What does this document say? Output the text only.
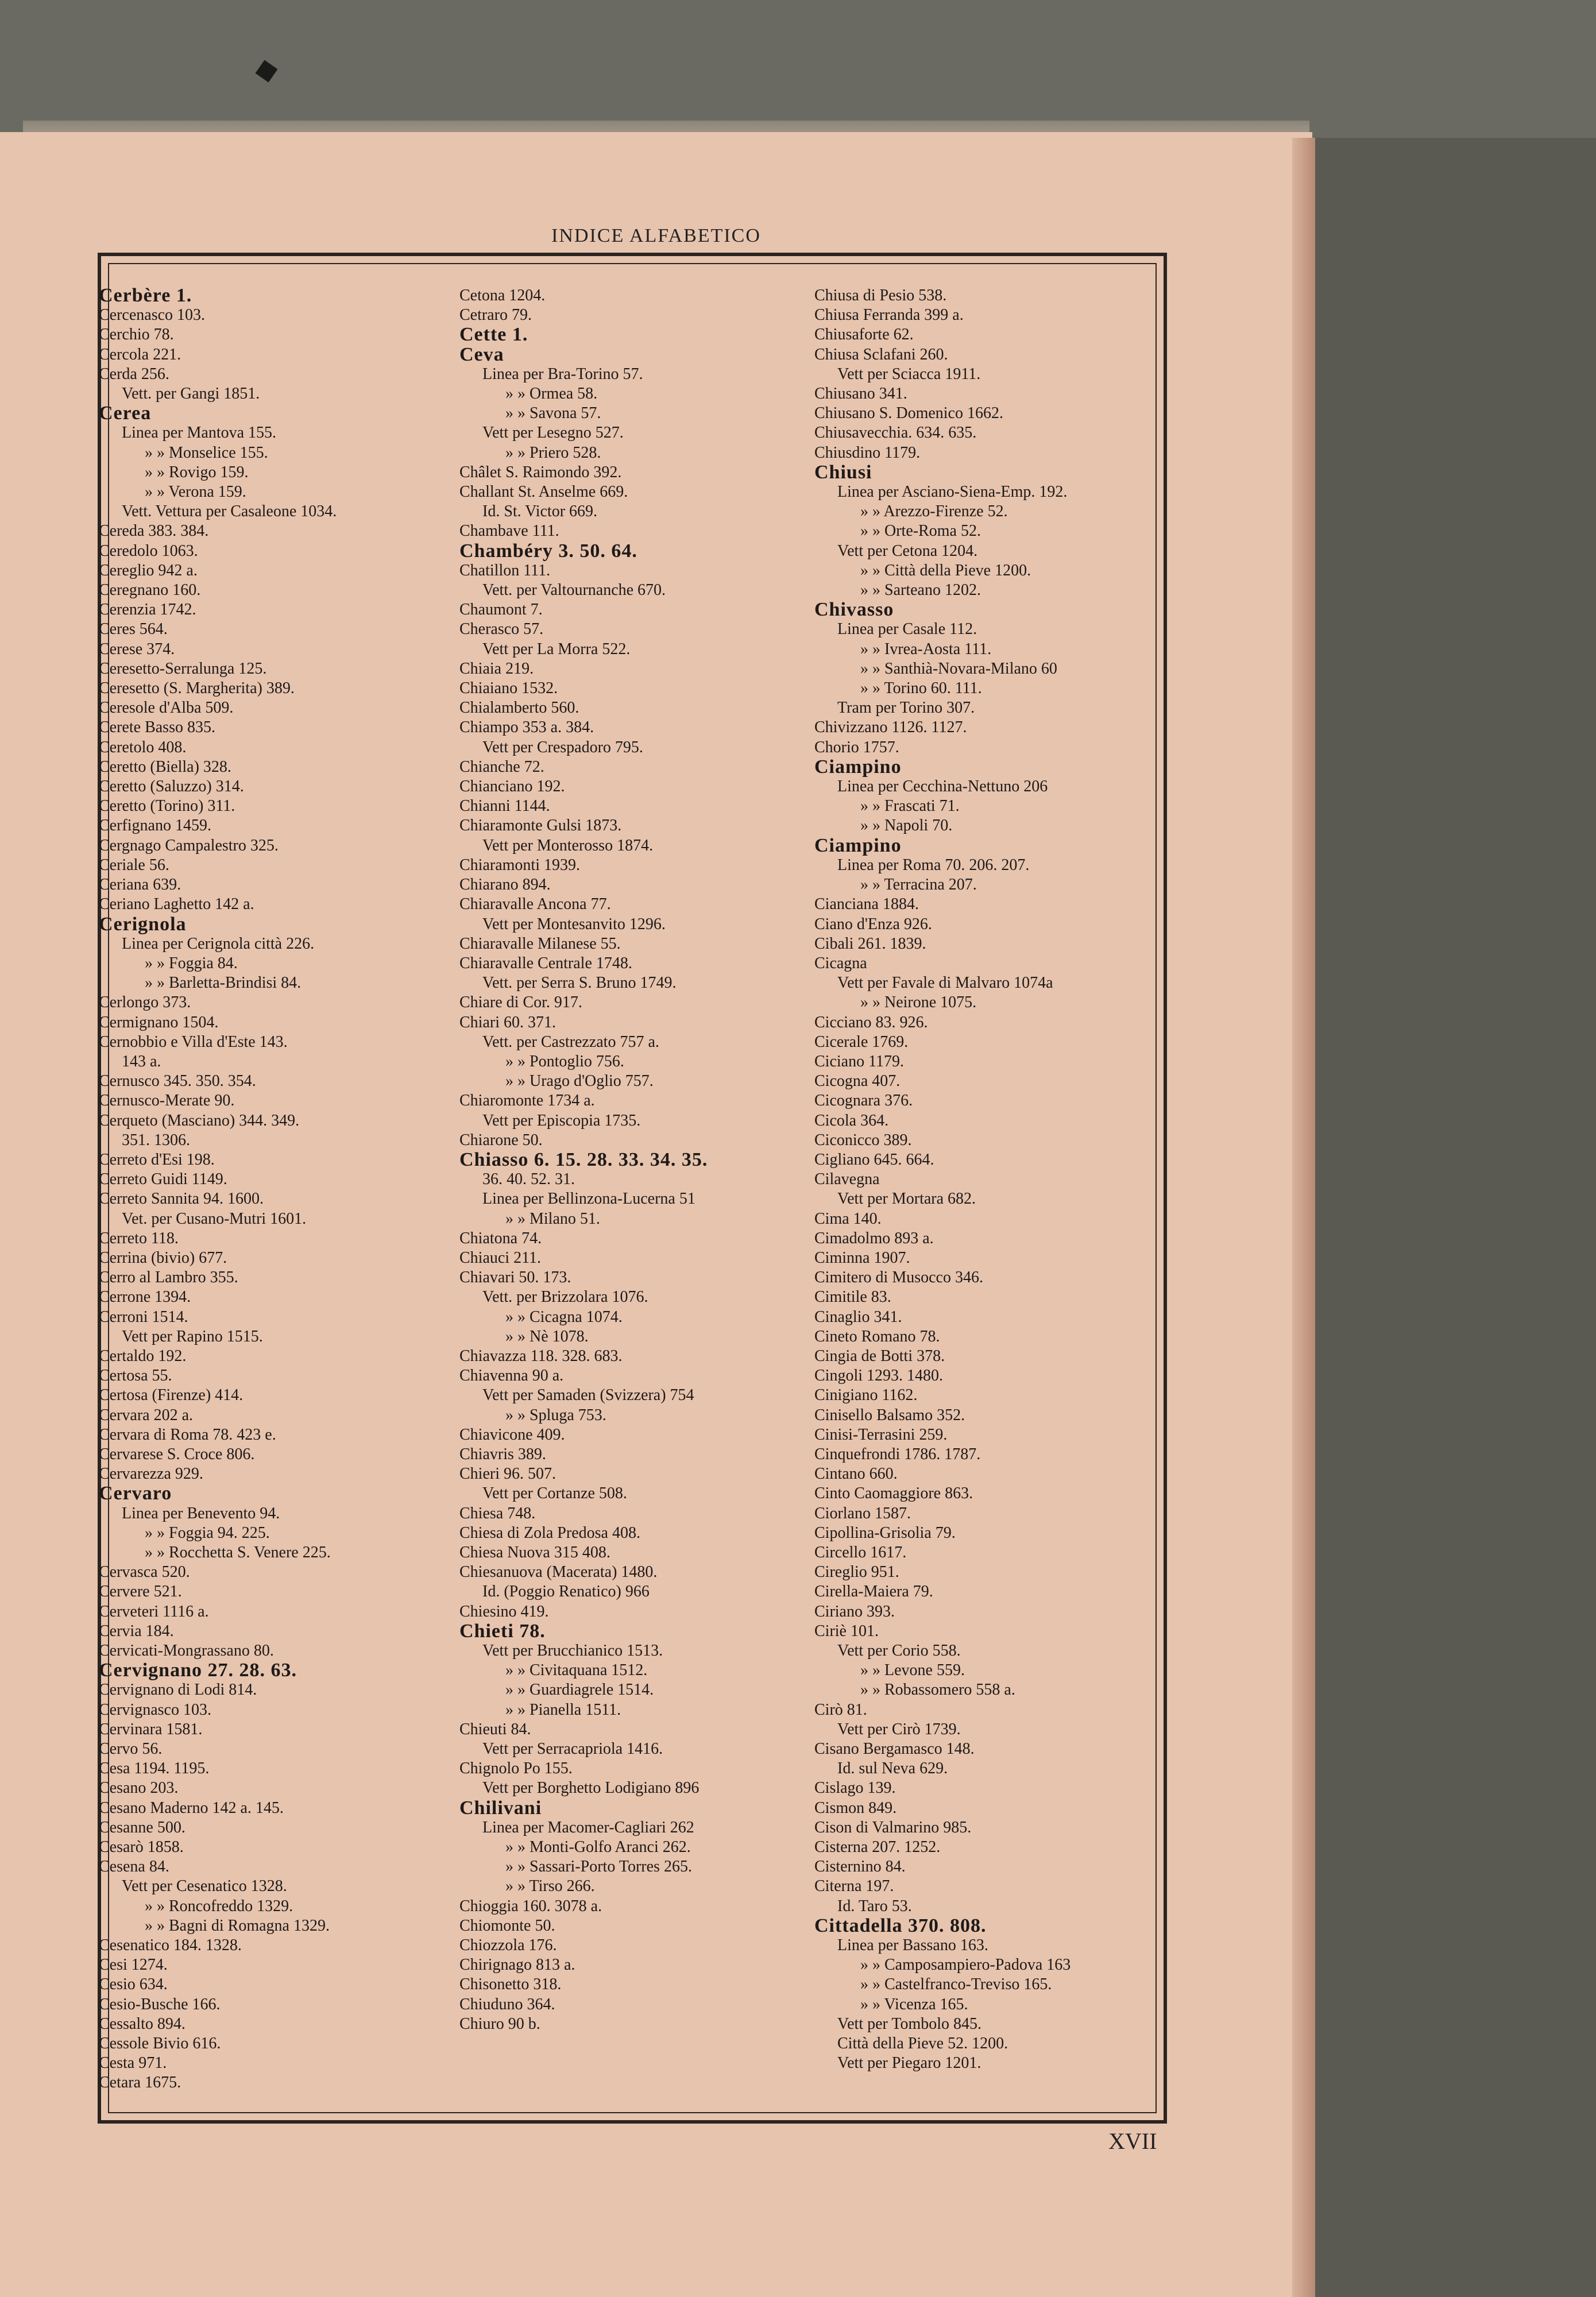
INDICE ALFABETICO
Cerbère 1.
Cercenasco 103.
Cerchio 78.
Cercola 221.
Cerda 256.
Vett. per Gangi 1851.
Cerea
Linea per Mantova 155.
» » Monselice 155.
» » Rovigo 159.
» » Verona 159.
Vett. Vettura per Casaleone 1034.
Cereda 383. 384.
Ceredolo 1063.
Cereglio 942 a.
Ceregnano 160.
Cerenzia 1742.
Ceres 564.
Cerese 374.
Ceresetto-Serralunga 125.
Ceresetto (S. Margherita) 389.
Ceresole d'Alba 509.
Cerete Basso 835.
Ceretolo 408.
Ceretto (Biella) 328.
Ceretto (Saluzzo) 314.
Ceretto (Torino) 311.
Cerfignano 1459.
Cergnago Campalestro 325.
Ceriale 56.
Ceriana 639.
Ceriano Laghetto 142 a.
Cerignola
Linea per Cerignola città 226.
» » Foggia 84.
» » Barletta-Brindisi 84.
Cerlongo 373.
Cermignano 1504.
Cernobbio e Villa d'Este 143.
143 a.
Cernusco 345. 350. 354.
Cernusco-Merate 90.
Cerqueto (Masciano) 344. 349.
351. 1306.
Cerreto d'Esi 198.
Cerreto Guidi 1149.
Cerreto Sannita 94. 1600.
Vet. per Cusano-Mutri 1601.
Cerreto 118.
Cerrina (bivio) 677.
Cerro al Lambro 355.
Cerrone 1394.
Cerroni 1514.
Vett per Rapino 1515.
Certaldo 192.
Certosa 55.
Certosa (Firenze) 414.
Cervara 202 a.
Cervara di Roma 78. 423 e.
Cervarese S. Croce 806.
Cervarezza 929.
Cervaro
Linea per Benevento 94.
» » Foggia 94. 225.
» » Rocchetta S. Venere 225.
Cervasca 520.
Cervere 521.
Cerveteri 1116 a.
Cervia 184.
Cervicati-Mongrassano 80.
Cervignano 27. 28. 63.
Cervignano di Lodi 814.
Cervignasco 103.
Cervinara 1581.
Cervo 56.
Cesa 1194. 1195.
Cesano 203.
Cesano Maderno 142 a. 145.
Cesanne 500.
Cesarò 1858.
Cesena 84.
Vett per Cesenatico 1328.
» » Roncofreddo 1329.
» » Bagni di Romagna 1329.
Cesenatico 184. 1328.
Cesi 1274.
Cesio 634.
Cesio-Busche 166.
Cessalto 894.
Cessole Bivio 616.
Cesta 971.
Cetara 1675.
Cetona 1204.
Cetraro 79.
Cette 1.
Ceva
Linea per Bra-Torino 57.
» » Ormea 58.
» » Savona 57.
Vett per Lesegno 527.
» » Priero 528.
Châlet S. Raimondo 392.
Challant St. Anselme 669.
Id. St. Victor 669.
Chambave 111.
Chambéry 3. 50. 64.
Chatillon 111.
Vett. per Valtournanche 670.
Chaumont 7.
Cherasco 57.
Vett per La Morra 522.
Chiaia 219.
Chiaiano 1532.
Chialamberto 560.
Chiampo 353 a. 384.
Vett per Crespadoro 795.
Chianche 72.
Chianciano 192.
Chianni 1144.
Chiaramonte Gulsi 1873.
Vett per Monterosso 1874.
Chiaramonti 1939.
Chiarano 894.
Chiaravalle Ancona 77.
Vett per Montesanvito 1296.
Chiaravalle Milanese 55.
Chiaravalle Centrale 1748.
Vett. per Serra S. Bruno 1749.
Chiare di Cor. 917.
Chiari 60. 371.
Vett. per Castrezzato 757 a.
» » Pontoglio 756.
» » Urago d'Oglio 757.
Chiaromonte 1734 a.
Vett per Episcopia 1735.
Chiarone 50.
Chiasso 6. 15. 28. 33. 34. 35.
36. 40. 52. 31.
Linea per Bellinzona-Lucerna 51
» » Milano 51.
Chiatona 74.
Chiauci 211.
Chiavari 50. 173.
Vett. per Brizzolara 1076.
» » Cicagna 1074.
» » Nè 1078.
Chiavazza 118. 328. 683.
Chiavenna 90 a.
Vett per Samaden (Svizzera) 754
» » Spluga 753.
Chiavicone 409.
Chiavris 389.
Chieri 96. 507.
Vett per Cortanze 508.
Chiesa 748.
Chiesa di Zola Predosa 408.
Chiesa Nuova 315 408.
Chiesanuova (Macerata) 1480.
Id. (Poggio Renatico) 966
Chiesino 419.
Chieti 78.
Vett per Brucchianico 1513.
» » Civitaquana 1512.
» » Guardiagrele 1514.
» » Pianella 1511.
Chieuti 84.
Vett per Serracapriola 1416.
Chignolo Po 155.
Vett per Borghetto Lodigiano 896
Chilivani
Linea per Macomer-Cagliari 262
» » Monti-Golfo Aranci 262.
» » Sassari-Porto Torres 265.
» » Tirso 266.
Chioggia 160. 3078 a.
Chiomonte 50.
Chiozzola 176.
Chirignago 813 a.
Chisonetto 318.
Chiuduno 364.
Chiuro 90 b.
Chiusa di Pesio 538.
Chiusa Ferranda 399 a.
Chiusaforte 62.
Chiusa Sclafani 260.
Vett per Sciacca 1911.
Chiusano 341.
Chiusano S. Domenico 1662.
Chiusavecchia. 634. 635.
Chiusdino 1179.
Chiusi
Linea per Asciano-Siena-Emp. 192.
» » Arezzo-Firenze 52.
» » Orte-Roma 52.
Vett per Cetona 1204.
» » Città della Pieve 1200.
» » Sarteano 1202.
Chivasso
Linea per Casale 112.
» » Ivrea-Aosta 111.
» » Santhià-Novara-Milano 60
» » Torino 60. 111.
Tram per Torino 307.
Chivizzano 1126. 1127.
Chorio 1757.
Ciampino
Linea per Cecchina-Nettuno 206
» » Frascati 71.
» » Napoli 70.
Ciampino
Linea per Roma 70. 206. 207.
» » Terracina 207.
Cianciana 1884.
Ciano d'Enza 926.
Cibali 261. 1839.
Cicagna
Vett per Favale di Malvaro 1074a
» » Neirone 1075.
Cicciano 83. 926.
Cicerale 1769.
Ciciano 1179.
Cicogna 407.
Cicognara 376.
Cicola 364.
Ciconicco 389.
Cigliano 645. 664.
Cilavegna
Vett per Mortara 682.
Cima 140.
Cimadolmo 893 a.
Ciminna 1907.
Cimitero di Musocco 346.
Cimitile 83.
Cinaglio 341.
Cineto Romano 78.
Cingia de Botti 378.
Cingoli 1293. 1480.
Cinigiano 1162.
Cinisello Balsamo 352.
Cinisi-Terrasini 259.
Cinquefrondi 1786. 1787.
Cintano 660.
Cinto Caomaggiore 863.
Ciorlano 1587.
Cipollina-Grisolia 79.
Circello 1617.
Cireglio 951.
Cirella-Maiera 79.
Ciriano 393.
Ciriè 101.
Vett per Corio 558.
» » Levone 559.
» » Robassomero 558 a.
Cirò 81.
Vett per Cirò 1739.
Cisano Bergamasco 148.
Id. sul Neva 629.
Cislago 139.
Cismon 849.
Cison di Valmarino 985.
Cisterna 207. 1252.
Cisternino 84.
Citerna 197.
Id. Taro 53.
Cittadella 370. 808.
Linea per Bassano 163.
» » Camposampiero-Padova 163
» » Castelfranco-Treviso 165.
» » Vicenza 165.
Vett per Tombolo 845.
Città della Pieve 52. 1200.
Vett per Piegaro 1201.
XVII
